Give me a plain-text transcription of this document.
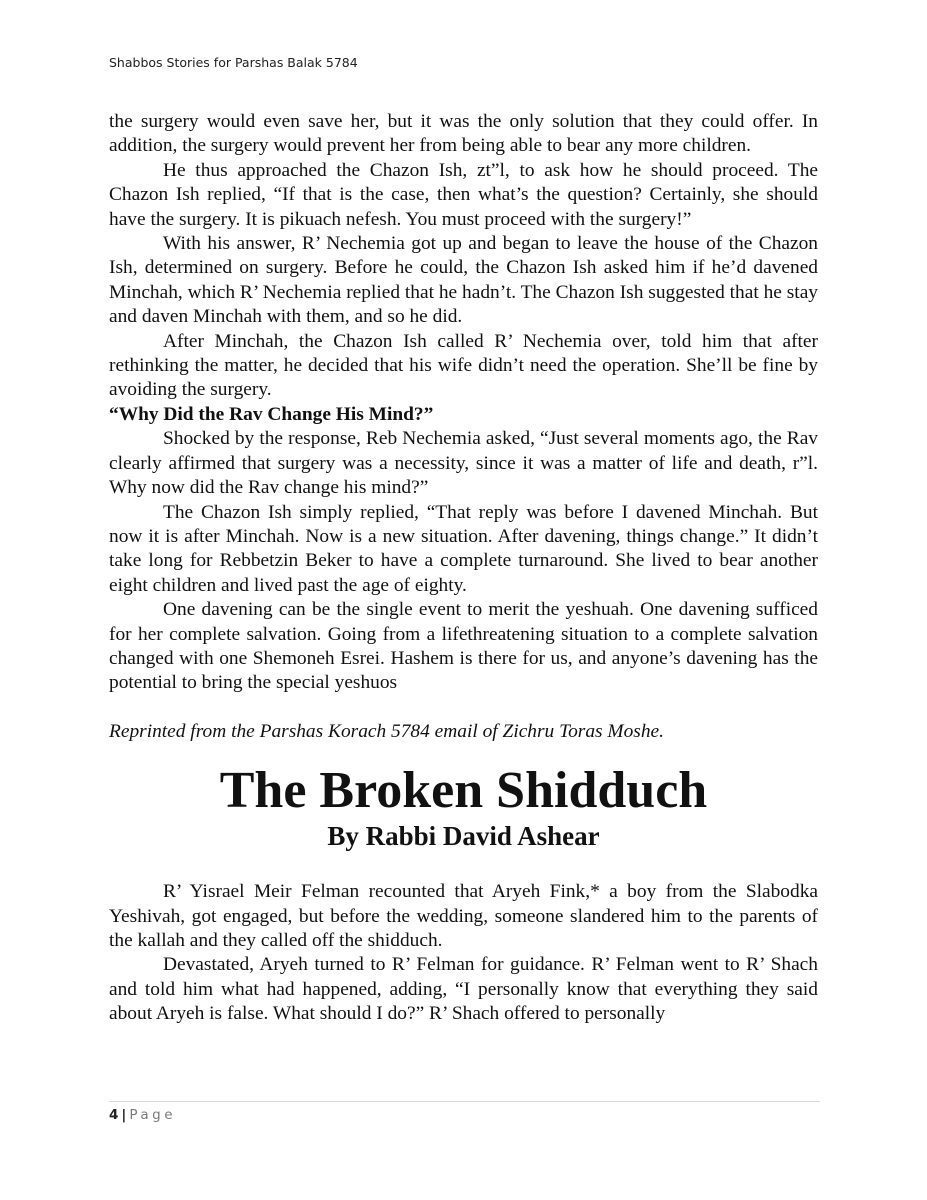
Shabbos Stories for Parshas Balak 5784

the surgery would even save her, but it was the only solution that they could offer. In addition, the surgery would prevent her from being able to bear any more children.

He thus approached the Chazon Ish, zt”l, to ask how he should proceed. The Chazon Ish replied, “If that is the case, then what’s the question? Certainly, she should have the surgery. It is pikuach nefesh. You must proceed with the surgery!”

With his answer, R’ Nechemia got up and began to leave the house of the Chazon Ish, determined on surgery. Before he could, the Chazon Ish asked him if he’d davened Minchah, which R’ Nechemia replied that he hadn’t. The Chazon Ish suggested that he stay and daven Minchah with them, and so he did.

After Minchah, the Chazon Ish called R’ Nechemia over, told him that after rethinking the matter, he decided that his wife didn’t need the operation. She’ll be fine by avoiding the surgery.

“Why Did the Rav Change His Mind?”

Shocked by the response, Reb Nechemia asked, “Just several moments ago, the Rav clearly affirmed that surgery was a necessity, since it was a matter of life and death, r”l. Why now did the Rav change his mind?”

The Chazon Ish simply replied, “That reply was before I davened Minchah. But now it is after Minchah. Now is a new situation. After davening, things change.” It didn’t take long for Rebbetzin Beker to have a complete turnaround. She lived to bear another eight children and lived past the age of eighty.

One davening can be the single event to merit the yeshuah. One davening sufficed for her complete salvation. Going from a lifethreatening situation to a complete salvation changed with one Shemoneh Esrei. Hashem is there for us, and anyone’s davening has the potential to bring the special yeshuos

Reprinted from the Parshas Korach 5784 email of Zichru Toras Moshe.

The Broken Shidduch
By Rabbi David Ashear

R’ Yisrael Meir Felman recounted that Aryeh Fink,* a boy from the Slabodka Yeshivah, got engaged, but before the wedding, someone slandered him to the parents of the kallah and they called off the shidduch.

Devastated, Aryeh turned to R’ Felman for guidance. R’ Felman went to R’ Shach and told him what had happened, adding, “I personally know that everything they said about Aryeh is false. What should I do?” R’ Shach offered to personally

4 | Page
